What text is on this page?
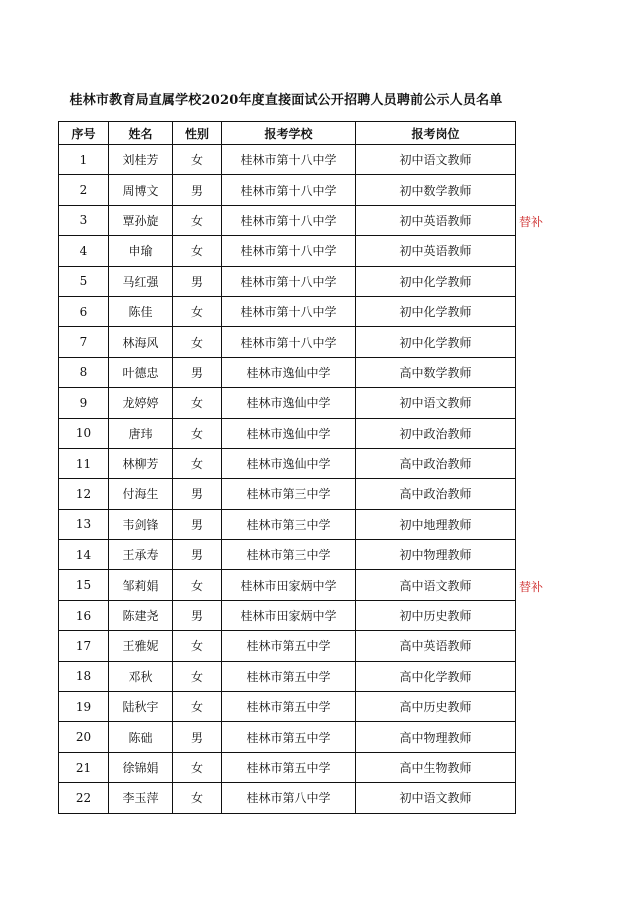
桂林市教育局直属学校2020年度直接面试公开招聘人员聘前公示人员名单
序号	姓名	性别	报考学校	报考岗位
1	刘桂芳	女	桂林市第十八中学	初中语文教师
2	周博文	男	桂林市第十八中学	初中数学教师
3	覃孙旋	女	桂林市第十八中学	初中英语教师
4	申瑜	女	桂林市第十八中学	初中英语教师
5	马红强	男	桂林市第十八中学	初中化学教师
6	陈佳	女	桂林市第十八中学	初中化学教师
7	林海风	女	桂林市第十八中学	初中化学教师
8	叶德忠	男	桂林市逸仙中学	高中数学教师
9	龙婷婷	女	桂林市逸仙中学	初中语文教师
10	唐玮	女	桂林市逸仙中学	初中政治教师
11	林柳芳	女	桂林市逸仙中学	高中政治教师
12	付海生	男	桂林市第三中学	高中政治教师
13	韦剑锋	男	桂林市第三中学	初中地理教师
14	王承寿	男	桂林市第三中学	初中物理教师
15	邹莉娟	女	桂林市田家炳中学	高中语文教师
16	陈建尧	男	桂林市田家炳中学	初中历史教师
17	王雅妮	女	桂林市第五中学	高中英语教师
18	邓秋	女	桂林市第五中学	高中化学教师
19	陆秋宇	女	桂林市第五中学	高中历史教师
20	陈础	男	桂林市第五中学	高中物理教师
21	徐锦娟	女	桂林市第五中学	高中生物教师
22	李玉萍	女	桂林市第八中学	初中语文教师
替补
替补
